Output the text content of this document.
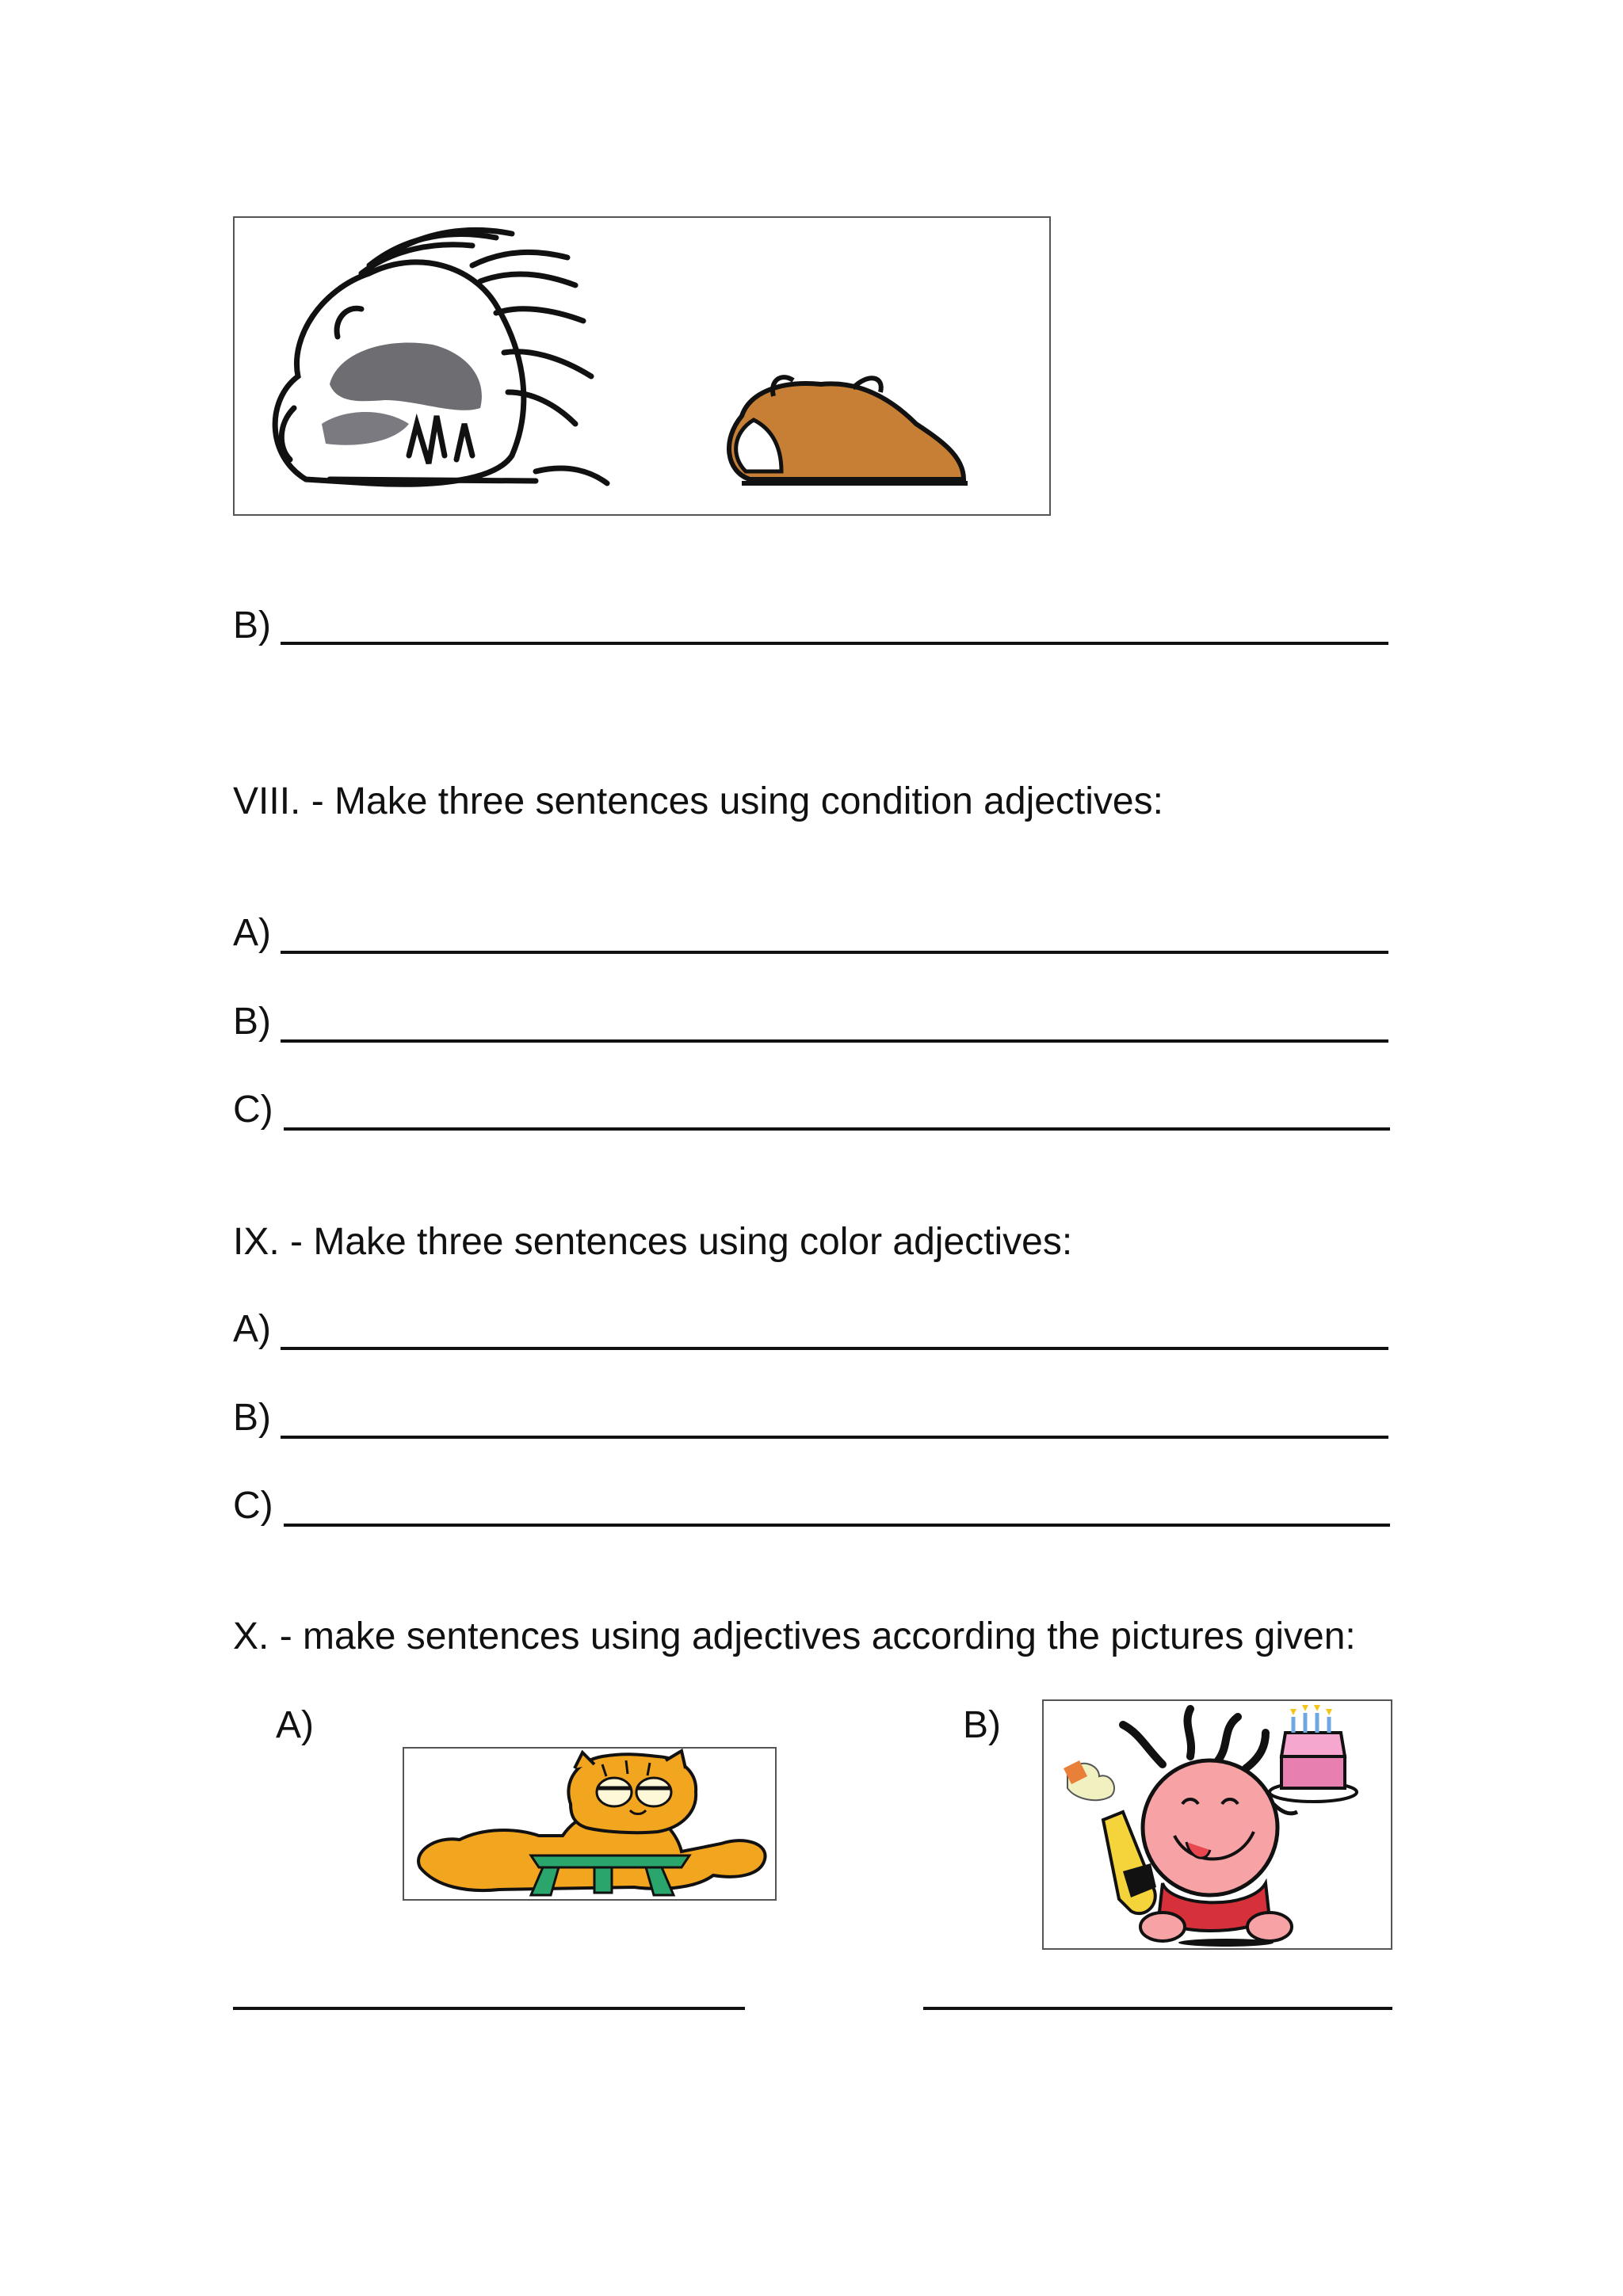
B)
VIII. - Make three sentences using condition adjectives:
A)
B)
C)
IX. - Make three sentences using color adjectives:
A)
B)
C)
X. - make sentences using adjectives according the pictures given:
A)	B)
